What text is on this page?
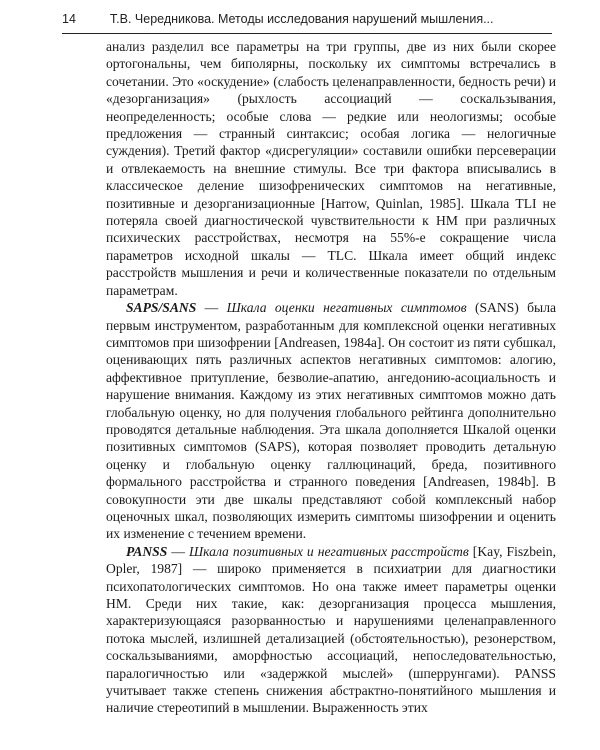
14	Т.В. Чередникова. Методы исследования нарушений мышления...

анализ разделил все параметры на три группы, две из них были скорее ортогональны, чем биполярны, поскольку их симптомы встречались в сочетании. Это «оскудение» (слабость целенаправленности, бедность речи) и «дезорганизация» (рыхлость ассоциаций — соскальзывания, неопределенность; особые слова — редкие или неологизмы; особые предложения — странный синтаксис; особая логика — нелогичные суждения). Третий фактор «дисрегуляции» составили ошибки персеверации и отвлекаемость на внешние стимулы. Все три фактора вписывались в классическое деление шизофренических симптомов на негативные, позитивные и дезорганизационные [Harrow, Quinlan, 1985]. Шкала TLI не потеряла своей диагностической чувствительности к НМ при различных психических расстройствах, несмотря на 55%-е сокращение числа параметров исходной шкалы — TLC. Шкала имеет общий индекс расстройств мышления и речи и количественные показатели по отдельным параметрам.

SAPS/SANS — Шкала оценки негативных симптомов (SANS) была первым инструментом, разработанным для комплексной оценки негативных симптомов при шизофрении [Andreasen, 1984a]. Он состоит из пяти субшкал, оценивающих пять различных аспектов негативных симптомов: алогию, аффективное притупление, безволие-апатию, ангедонию-асоциальность и нарушение внимания. Каждому из этих негативных симптомов можно дать глобальную оценку, но для получения глобального рейтинга дополнительно проводятся детальные наблюдения. Эта шкала дополняется Шкалой оценки позитивных симптомов (SAPS), которая позволяет проводить детальную оценку и глобальную оценку галлюцинаций, бреда, позитивного формального расстройства и странного поведения [Andreasen, 1984b]. В совокупности эти две шкалы представляют собой комплексный набор оценочных шкал, позволяющих измерить симптомы шизофрении и оценить их изменение с течением времени.

PANSS — Шкала позитивных и негативных расстройств [Kay, Fiszbein, Opler, 1987] — широко применяется в психиатрии для диагностики психопатологических симптомов. Но она также имеет параметры оценки НМ. Среди них такие, как: дезорганизация процесса мышления, характеризующаяся разорванностью и нарушениями целенаправленного потока мыслей, излишней детализацией (обстоятельностью), резонерством, соскальзываниями, аморфностью ассоциаций, непоследовательностью, паралогичностью или «задержкой мыслей» (шперрунгами). PANSS учитывает также степень снижения абстрактно-понятийного мышления и наличие стереотипий в мышлении. Выраженность этих
